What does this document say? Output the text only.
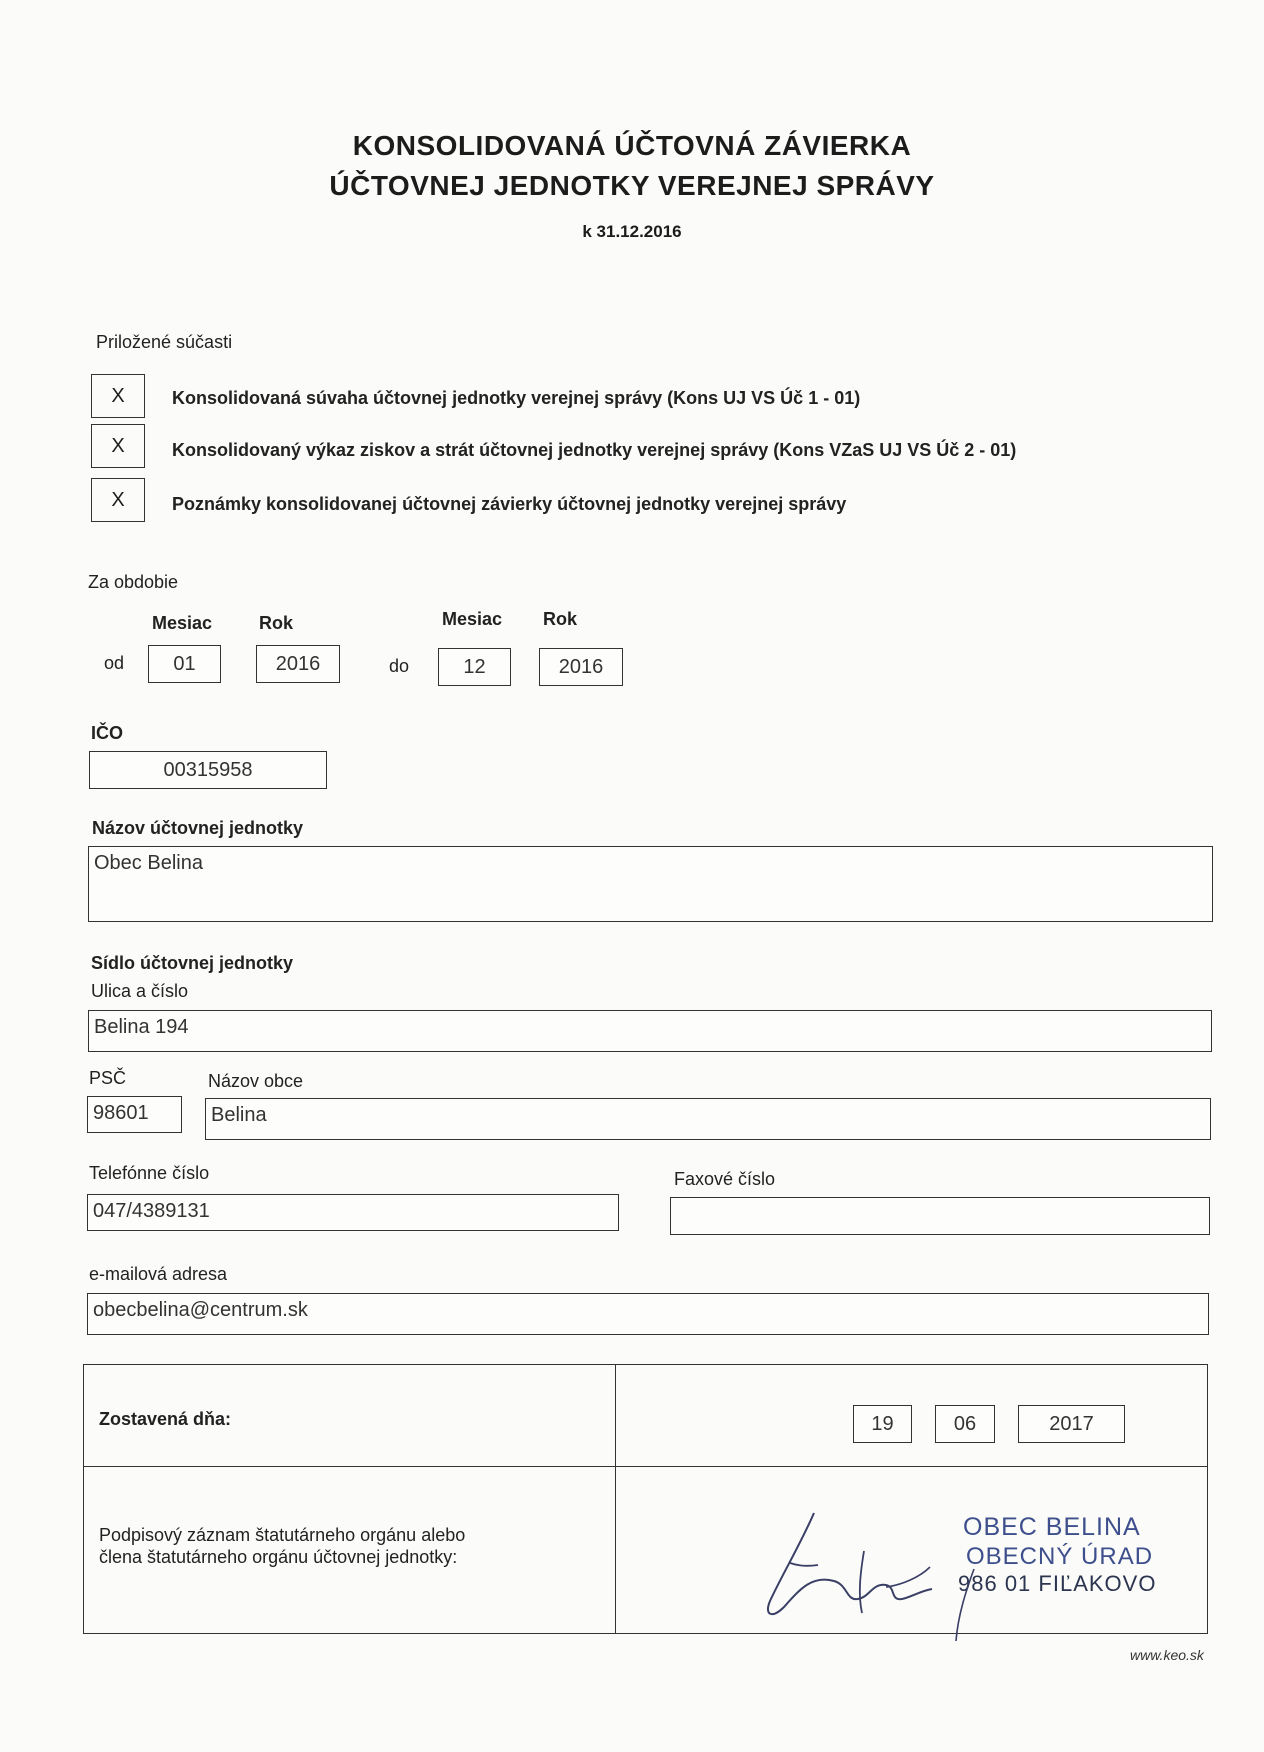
KONSOLIDOVANÁ ÚČTOVNÁ ZÁVIERKA
ÚČTOVNEJ JEDNOTKY VEREJNEJ SPRÁVY
k 31.12.2016
Priložené súčasti
X	Konsolidovaná súvaha účtovnej jednotky verejnej správy (Kons UJ VS Úč 1 - 01)
X	Konsolidovaný výkaz ziskov a strát účtovnej jednotky verejnej správy (Kons VZaS UJ VS Úč 2 - 01)
X	Poznámky konsolidovanej účtovnej závierky účtovnej jednotky verejnej správy
Za obdobie
Mesiac	Rok	Mesiac Rok
od	01	2016	do	12	2016
IČO
00315958
Názov účtovnej jednotky
Obec Belina
Sídlo účtovnej jednotky
Ulica a číslo
Belina 194
PSČ	Názov obce
98601	Belina
Telefónne číslo
047/4389131
Faxové číslo
e-mailová adresa
obecbelina@centrum.sk
Zostavená dňa:	19	06	2017
Podpisový záznam štatutárneho orgánu alebo
člena štatutárneho orgánu účtovnej jednotky:
OBEC BELINA
OBECNÝ ÚRAD
986 01 FIĽAKOVO
www.keo.sk
